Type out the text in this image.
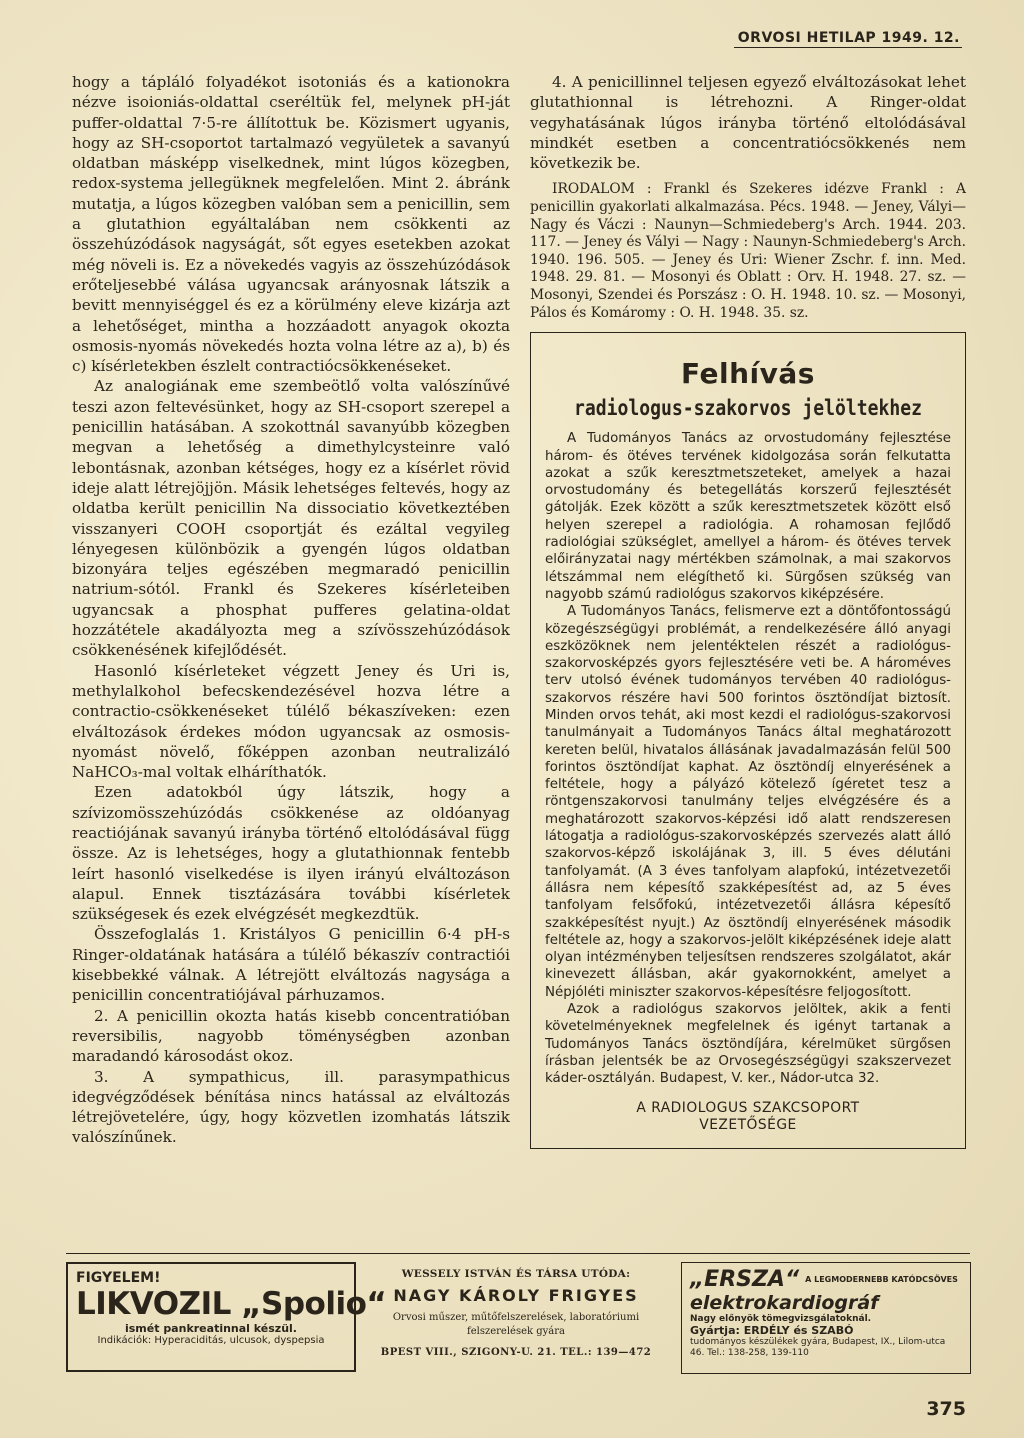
ORVOSI HETILAP 1949. 12.

hogy a tápláló folyadékot isotoniás és a kationokra nézve isoioniás-oldattal cseréltük fel, melynek pH-ját puffer-oldattal 7·5-re állítottuk be. Közismert ugyanis, hogy az SH-csoportot tartalmazó vegyületek a savanyú oldatban másképp viselkednek, mint lúgos közegben, redox-systema jellegüknek megfelelően. Mint 2. ábránk mutatja, a lúgos közegben valóban sem a penicillin, sem a glutathion egyáltalában nem csökkenti az összehúzódások nagyságát, sőt egyes esetekben azokat még növeli is. Ez a növekedés vagyis az összehúzódások erőteljesebbé válása ugyancsak arányosnak látszik a bevitt mennyiséggel és ez a körülmény eleve kizárja azt a lehetőséget, mintha a hozzáadott anyagok okozta osmosis-nyomás növekedés hozta volna létre az a), b) és c) kísérletekben észlelt contractiócsökkenéseket.

Az analogiának eme szembeötlő volta valószínűvé teszi azon feltevésünket, hogy az SH-csoport szerepel a penicillin hatásában. A szokottnál savanyúbb közegben megvan a lehetőség a dimethylcysteinre való lebontásnak, azonban kétséges, hogy ez a kísérlet rövid ideje alatt létrejöjjön. Másik lehetséges feltevés, hogy az oldatba került penicillin Na dissociatio következtében visszanyeri COOH csoportját és ezáltal vegyileg lényegesen különbözik a gyengén lúgos oldatban bizonyára teljes egészében megmaradó penicillin natrium-sótól. Frankl és Szekeres kísérleteiben ugyancsak a phosphat pufferes gelatina-oldat hozzátétele akadályozta meg a szívösszehúzódások csökkenésének kifejlődését.

Hasonló kísérleteket végzett Jeney és Uri is, methylalkohol befecskendezésével hozva létre a contractio-csökkenéseket túlélő békaszíveken: ezen elváltozások érdekes módon ugyancsak az osmosis-nyomást növelő, főképpen azonban neutralizáló NaHCO₃-mal voltak elháríthatók.

Ezen adatokból úgy látszik, hogy a szívizomösszehúzódás csökkenése az oldóanyag reactiójának savanyú irányba történő eltolódásával függ össze. Az is lehetséges, hogy a glutathionnak fentebb leírt hasonló viselkedése is ilyen irányú elváltozáson alapul. Ennek tisztázására további kísérletek szükségesek és ezek elvégzését megkezdtük.

Összefoglalás 1. Kristályos G penicillin 6·4 pH-s Ringer-oldatának hatására a túlélő békaszív contractiói kisebbekké válnak. A létrejött elváltozás nagysága a penicillin concentratiójával párhuzamos.

2. A penicillin okozta hatás kisebb concentratióban reversibilis, nagyobb töménységben azonban maradandó károsodást okoz.

3. A sympathicus, ill. parasympathicus idegvégződések bénítása nincs hatással az elváltozás létrejövetelére, úgy, hogy közvetlen izomhatás látszik valószínűnek.

4. A penicillinnel teljesen egyező elváltozásokat lehet glutathionnal is létrehozni. A Ringer-oldat vegyhatásának lúgos irányba történő eltolódásával mindkét esetben a concentratiócsökkenés nem következik be.

IRODALOM : Frankl és Szekeres idézve Frankl : A penicillin gyakorlati alkalmazása. Pécs. 1948. — Jeney, Vályi—Nagy és Váczi : Naunyn—Schmiedeberg's Arch. 1944. 203. 117. — Jeney és Vályi — Nagy : Naunyn-Schmiedeberg's Arch. 1940. 196. 505. — Jeney és Uri: Wiener Zschr. f. inn. Med. 1948. 29. 81. — Mosonyi és Oblatt : Orv. H. 1948. 27. sz. — Mosonyi, Szendei és Porszász : O. H. 1948. 10. sz. — Mosonyi, Pálos és Komáromy : O. H. 1948. 35. sz.

Felhívás
radiologus-szakorvos jelöltekhez

A Tudományos Tanács az orvostudomány fejlesztése három- és ötéves tervének kidolgozása során felkutatta azokat a szűk keresztmetszeteket, amelyek a hazai orvostudomány és betegellátás korszerű fejlesztését gátolják. Ezek között a szűk keresztmetszetek között első helyen szerepel a radiológia. A rohamosan fejlődő radiológiai szükséglet, amellyel a három- és ötéves tervek előirányzatai nagy mértékben számolnak, a mai szakorvos létszámmal nem elégíthető ki. Sürgősen szükség van nagyobb számú radiológus szakorvos kiképzésére.

A Tudományos Tanács, felismerve ezt a döntőfontosságú közegészségügyi problémát, a rendelkezésére álló anyagi eszközöknek nem jelentéktelen részét a radiológus-szakorvosképzés gyors fejlesztésére veti be. A hároméves terv utolsó évének tudományos tervében 40 radiológus-szakorvos részére havi 500 forintos ösztöndíjat biztosít. Minden orvos tehát, aki most kezdi el radiológus-szakorvosi tanulmányait a Tudományos Tanács által meghatározott kereten belül, hivatalos állásának javadalmazásán felül 500 forintos ösztöndíjat kaphat. Az ösztöndíj elnyerésének a feltétele, hogy a pályázó kötelező ígéretet tesz a röntgenszakorvosi tanulmány teljes elvégzésére és a meghatározott szakorvos-képzési idő alatt rendszeresen látogatja a radiológus-szakorvosképzés szervezés alatt álló szakorvos-képző iskolájának 3, ill. 5 éves délutáni tanfolyamát. (A 3 éves tanfolyam alapfokú, intézetvezetői állásra nem képesítő szakképesítést ad, az 5 éves tanfolyam felsőfokú, intézetvezetői állásra képesítő szakképesítést nyujt.) Az ösztöndíj elnyerésének második feltétele az, hogy a szakorvos-jelölt kiképzésének ideje alatt olyan intézményben teljesítsen rendszeres szolgálatot, akár kinevezett állásban, akár gyakornokként, amelyet a Népjóléti miniszter szakorvos-képesítésre feljogosított.

Azok a radiológus szakorvos jelöltek, akik a fenti követelményeknek megfelelnek és igényt tartanak a Tudományos Tanács ösztöndíjára, kérelmüket sürgősen írásban jelentsék be az Orvosegészségügyi szakszervezet káder-osztályán. Budapest, V. ker., Nádor-utca 32.

A RADIOLOGUS SZAKCSOPORT
VEZETŐSÉGE
FIGYELEM!
LIKVOZIL „Spolio“
ismét pankreatinnal készül.
Indikációk: Hyperaciditás, ulcusok, dyspepsia
WESSELY ISTVÁN ÉS TÁRSA UTÓDA:
NAGY KÁROLY FRIGYES
Orvosi műszer, műtőfelszerelések, laboratóriumi felszerelések gyára
BPEST VIII., SZIGONY-U. 21. TEL.: 139—472
„ERSZA“ A LEGMODERNEBB KATÓDCSÖVES
elektrokardiográf
Nagy előnyök tömegvizsgálatoknál.
Gyártja: ERDÉLY és SZABÓ
tudományos készülékek gyára, Budapest, IX., Lilom-utca 46. Tel.: 138-258, 139-110
375
